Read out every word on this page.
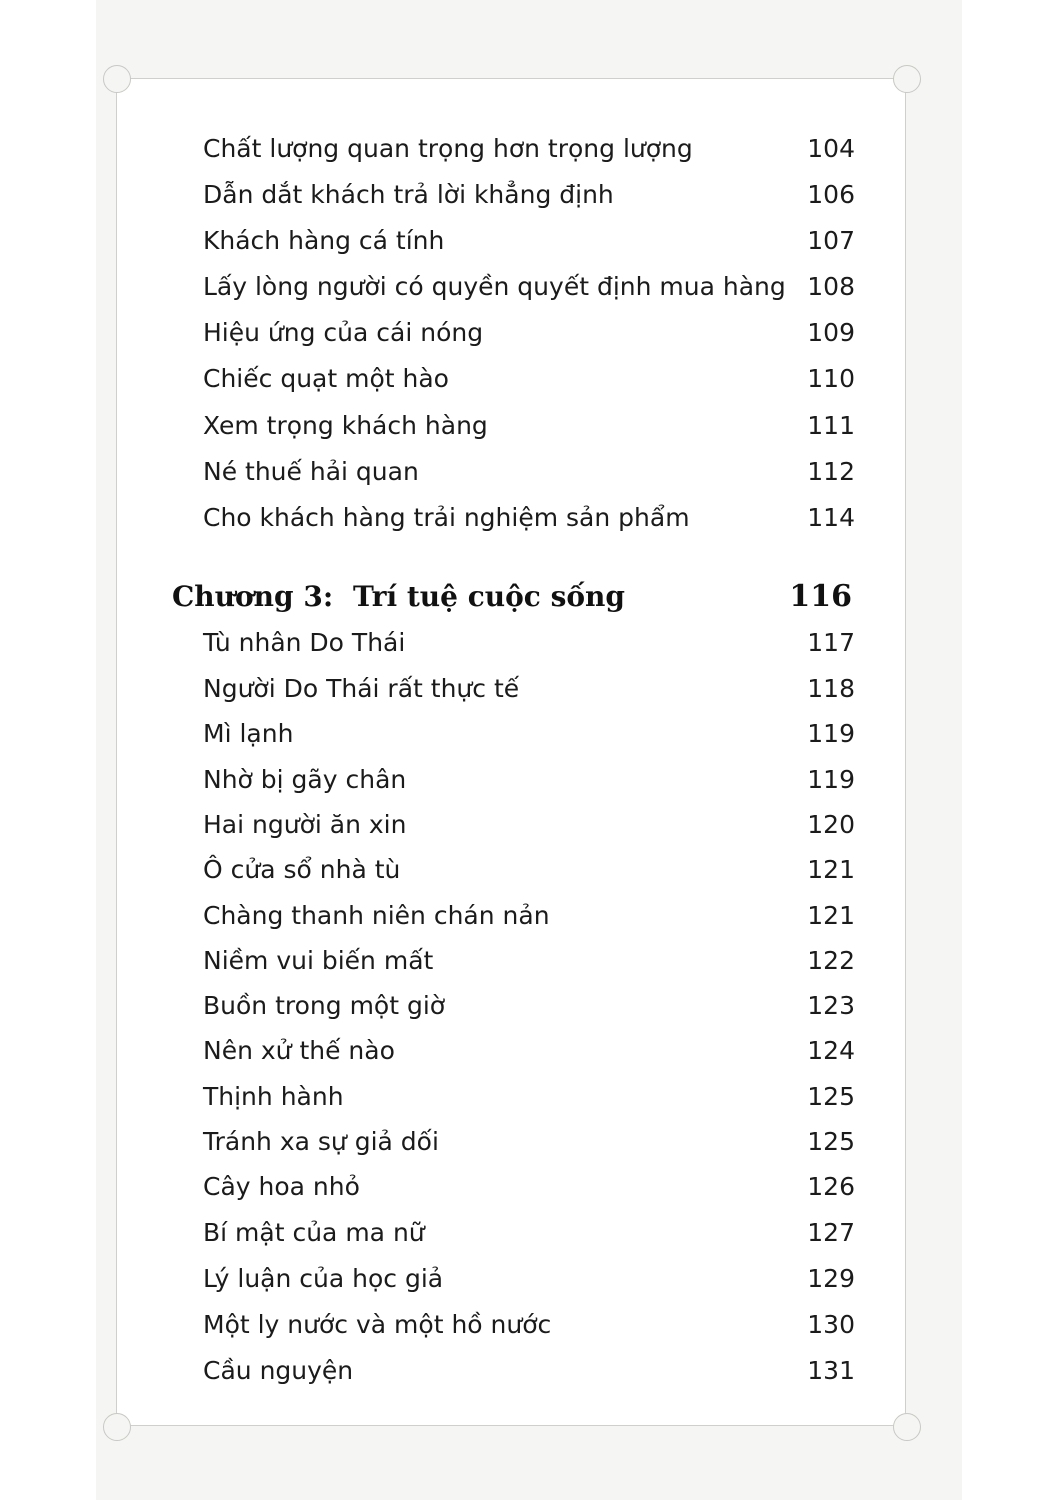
Chất lượng quan trọng hơn trọng lượng	104
Dẫn dắt khách trả lời khẳng định	106
Khách hàng cá tính	107
Lấy lòng người có quyền quyết định mua hàng 108
Hiệu ứng của cái nóng	109
Chiếc quạt một hào	110
Xem trọng khách hàng	111
Né thuế hải quan	112
Cho khách hàng trải nghiệm sản phẩm	114
Chương 3: Trí tuệ cuộc sống	116
Tù nhân Do Thái	117
Người Do Thái rất thực tế	118
Mì lạnh	119
Nhờ bị gãy chân	119
Hai người ăn xin	120
Ô cửa sổ nhà tù	121
Chàng thanh niên chán nản	121
Niềm vui biến mất	122
Buồn trong một giờ	123
Nên xử thế nào	124
Thịnh hành	125
Tránh xa sự giả dối	125
Cây hoa nhỏ	126
Bí mật của ma nữ	127
Lý luận của học giả	129
Một ly nước và một hồ nước	130
Cầu nguyện	131
